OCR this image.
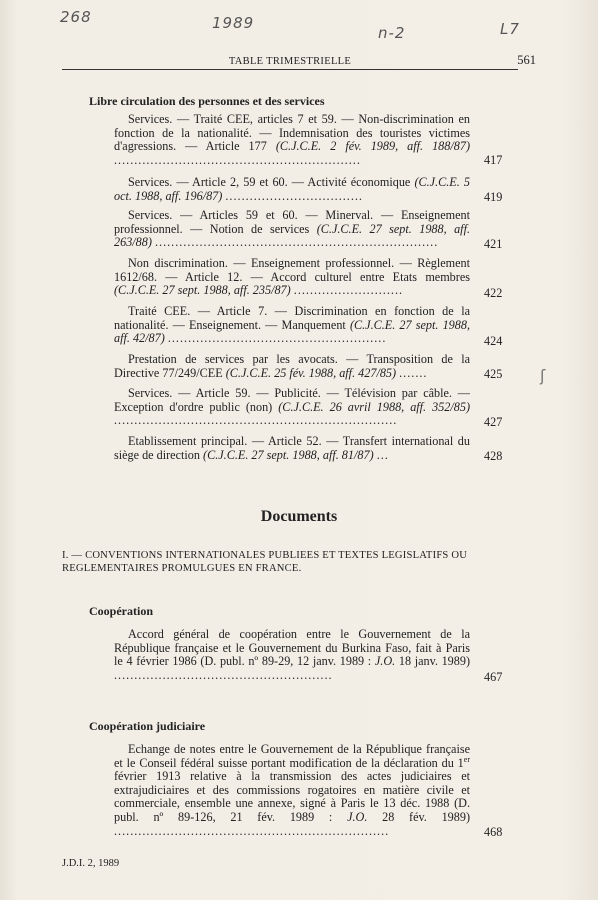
268	1989
n-2	L7
TABLE TRIMESTRIELLE	561
Libre circulation des personnes et des services
Services. — Traité CEE, articles 7 et 59. — Non-discrimination en fonction de la nationalité. — Indemnisation des touristes victimes d'agressions. — Article 177 (C.J.C.E. 2 fév. 1989, aff. 188/87) .............................................................	417
Services. — Article 2, 59 et 60. — Activité économique (C.J.C.E. 5 oct. 1988, aff. 196/87) ..................................	419
Services. — Articles 59 et 60. — Minerval. — Enseignement professionnel. — Notion de services (C.J.C.E. 27 sept. 1988, aff. 263/88) ......................................................................	421
Non discrimination. — Enseignement professionnel. — Règlement 1612/68. — Article 12. — Accord culturel entre Etats membres (C.J.C.E. 27 sept. 1988, aff. 235/87) ...........................	422
Traité CEE. — Article 7. — Discrimination en fonction de la nationalité. — Enseignement. — Manquement (C.J.C.E. 27 sept. 1988, aff. 42/87) ......................................................	424
Prestation de services par les avocats. — Transposition de la Directive 77/249/CEE (C.J.C.E. 25 fév. 1988, aff. 427/85) .......	425
Services. — Article 59. — Publicité. — Télévision par câble. — Exception d'ordre public (non) (C.J.C.E. 26 avril 1988, aff. 352/85) ......................................................................	427
Etablissement principal. — Article 52. — Transfert international du siège de direction (C.J.C.E. 27 sept. 1988, aff. 81/87) ...	428
Documents
I. — CONVENTIONS INTERNATIONALES PUBLIEES ET TEXTES LEGISLATIFS OU
REGLEMENTAIRES PROMULGUES EN FRANCE.
Coopération
Accord général de coopération entre le Gouvernement de la République française et le Gouvernement du Burkina Faso, fait à Paris le 4 février 1986 (D. publ. nº 89-29, 12 janv. 1989 : J.O. 18 janv. 1989) ......................................................	467
Coopération judiciaire
Echange de notes entre le Gouvernement de la République française et le Conseil fédéral suisse portant modification de la déclaration du 1er février 1913 relative à la transmission des actes judiciaires et extrajudiciaires et des commissions rogatoires en matière civile et commerciale, ensemble une annexe, signé à Paris le 13 déc. 1988 (D. publ. nº 89-126, 21 fév. 1989 : J.O. 28 fév. 1989) ....................................................................	468
J.D.I. 2, 1989
ʃ
